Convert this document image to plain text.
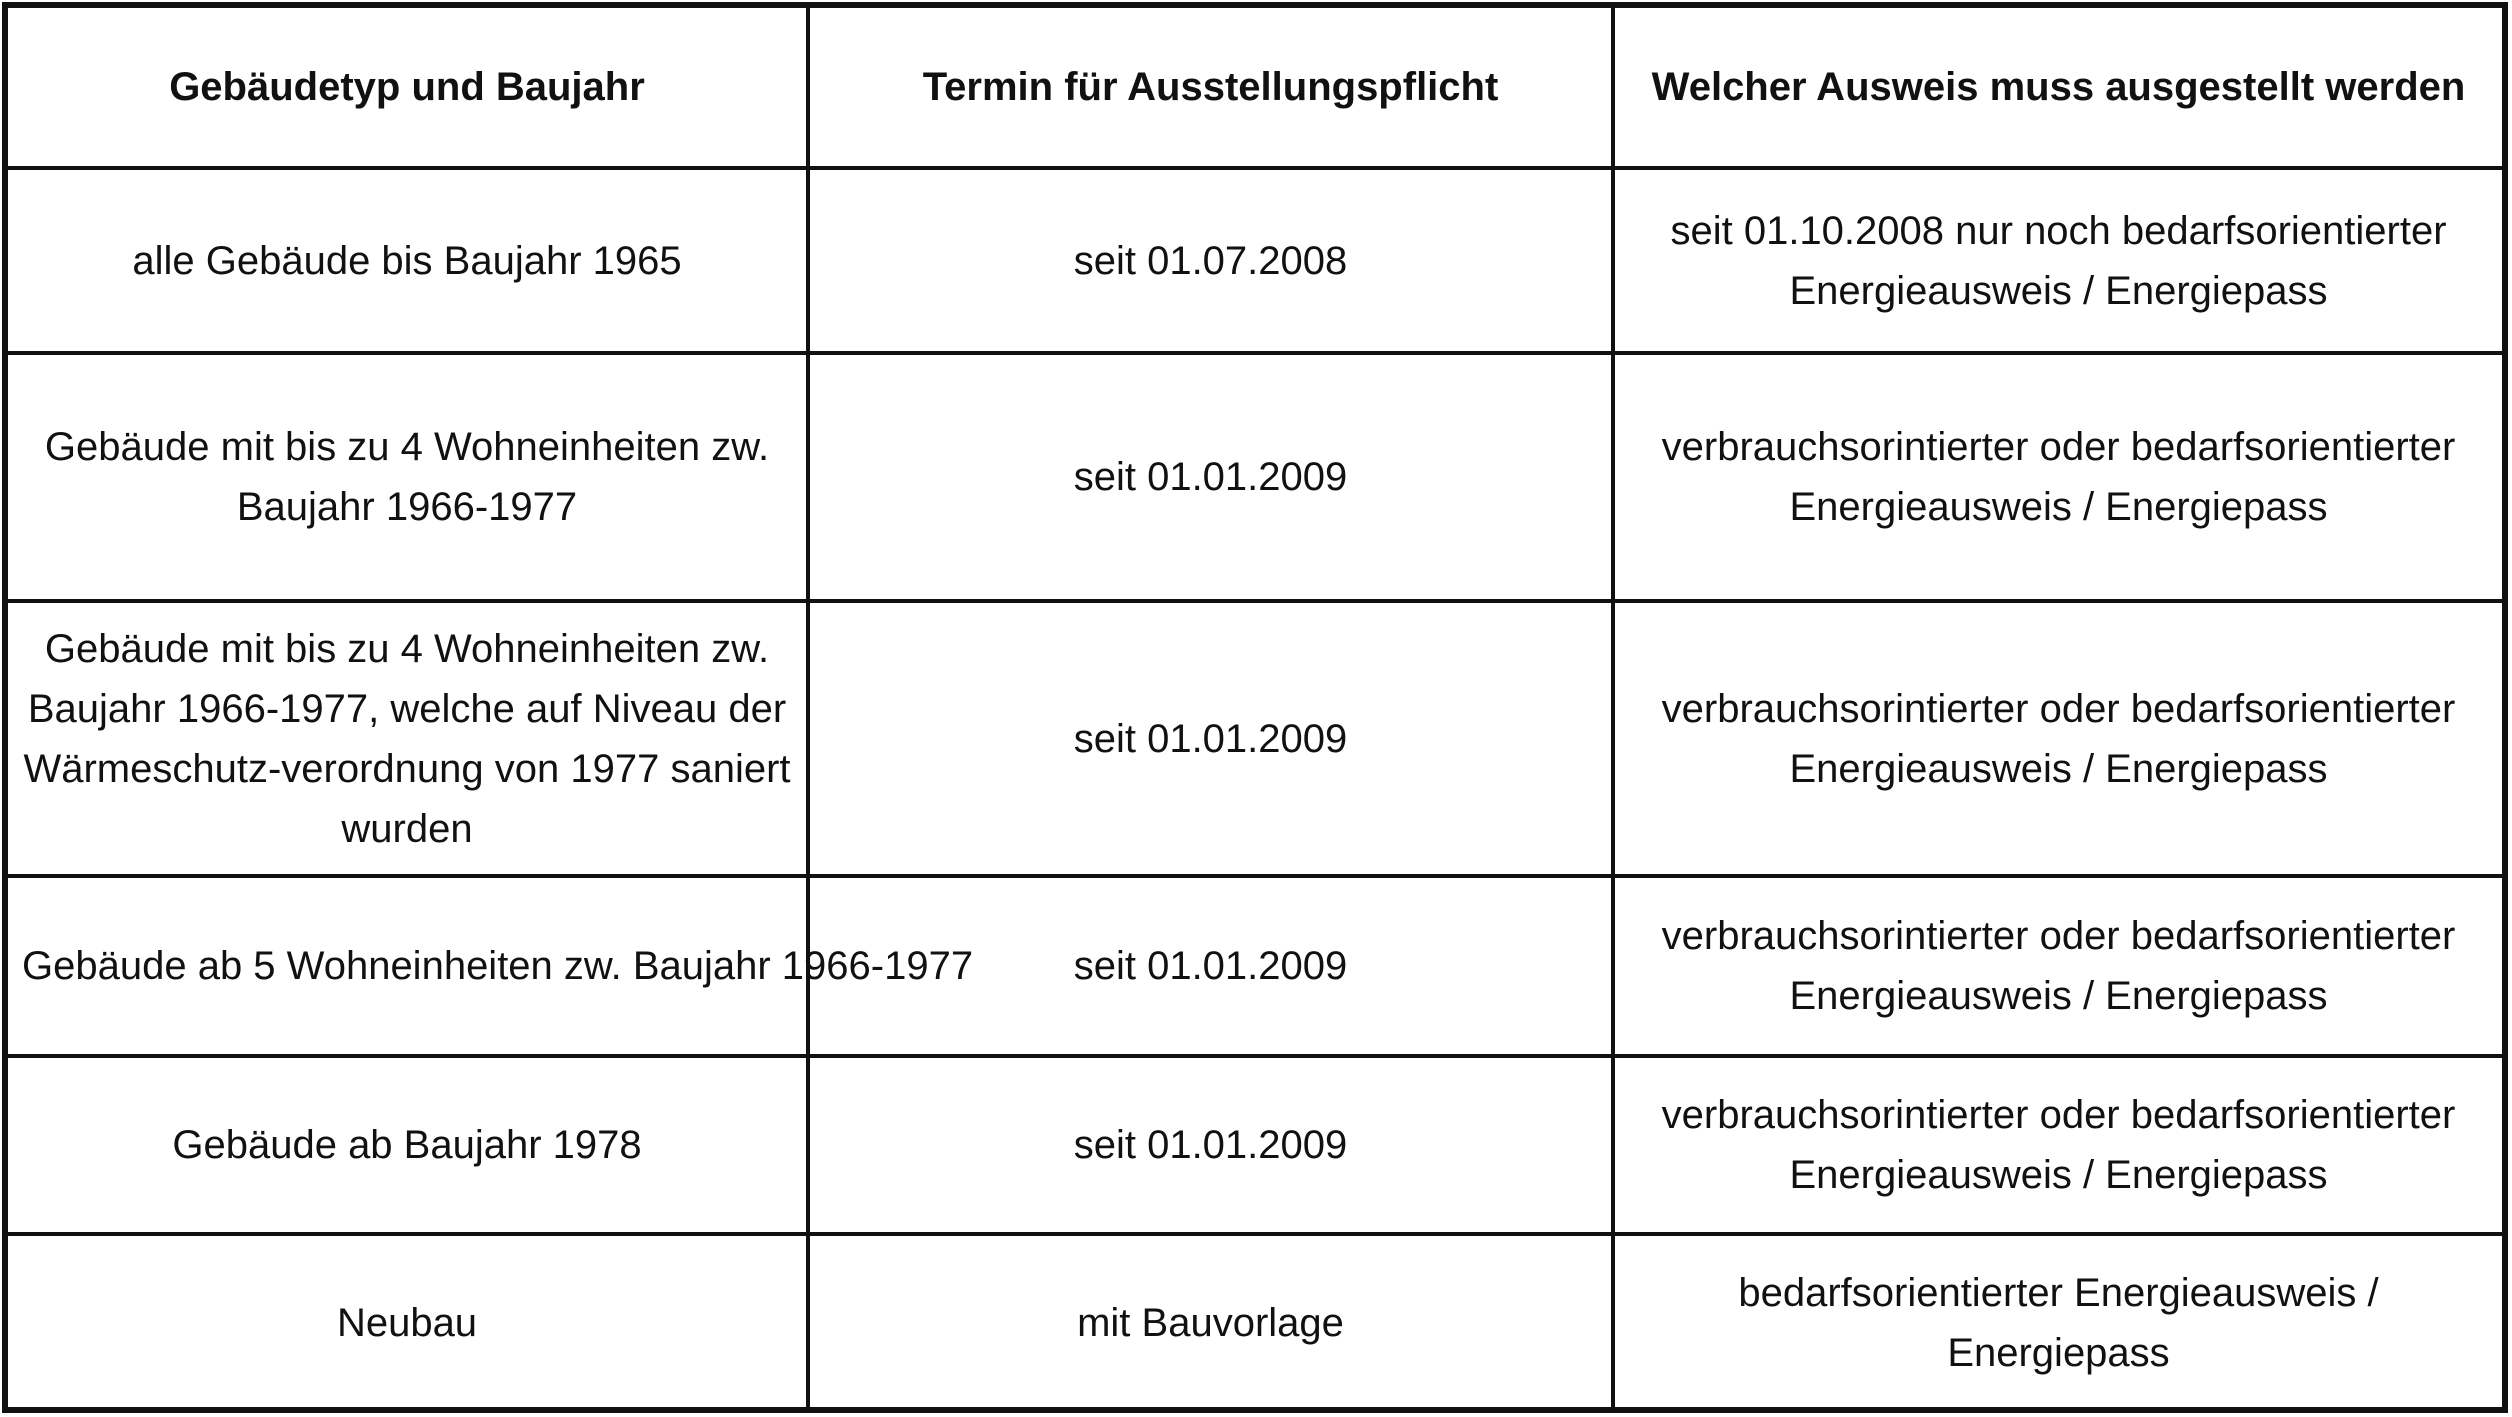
Gebäudetyp und Baujahr	Termin für Ausstellungspflicht	Welcher Ausweis muss ausgestellt werden
alle Gebäude bis Baujahr 1965	seit 01.07.2008	seit 01.10.2008 nur noch bedarfsorientierter Energieausweis / Energiepass
Gebäude mit bis zu 4 Wohneinheiten zw. Baujahr 1966-1977	seit 01.01.2009	verbrauchsorintierter oder bedarfsorientierter Energieausweis / Energiepass
Gebäude mit bis zu 4 Wohneinheiten zw. Baujahr 1966-1977, welche auf Niveau der Wärmeschutz-verordnung von 1977 saniert wurden	seit 01.01.2009	verbrauchsorintierter oder bedarfsorientierter Energieausweis / Energiepass
Gebäude ab 5 Wohneinheiten zw. Baujahr 1966-1977	seit 01.01.2009	verbrauchsorintierter oder bedarfsorientierter Energieausweis / Energiepass
Gebäude ab Baujahr 1978	seit 01.01.2009	verbrauchsorintierter oder bedarfsorientierter Energieausweis / Energiepass
Neubau	mit Bauvorlage	bedarfsorientierter Energieausweis / Energiepass
